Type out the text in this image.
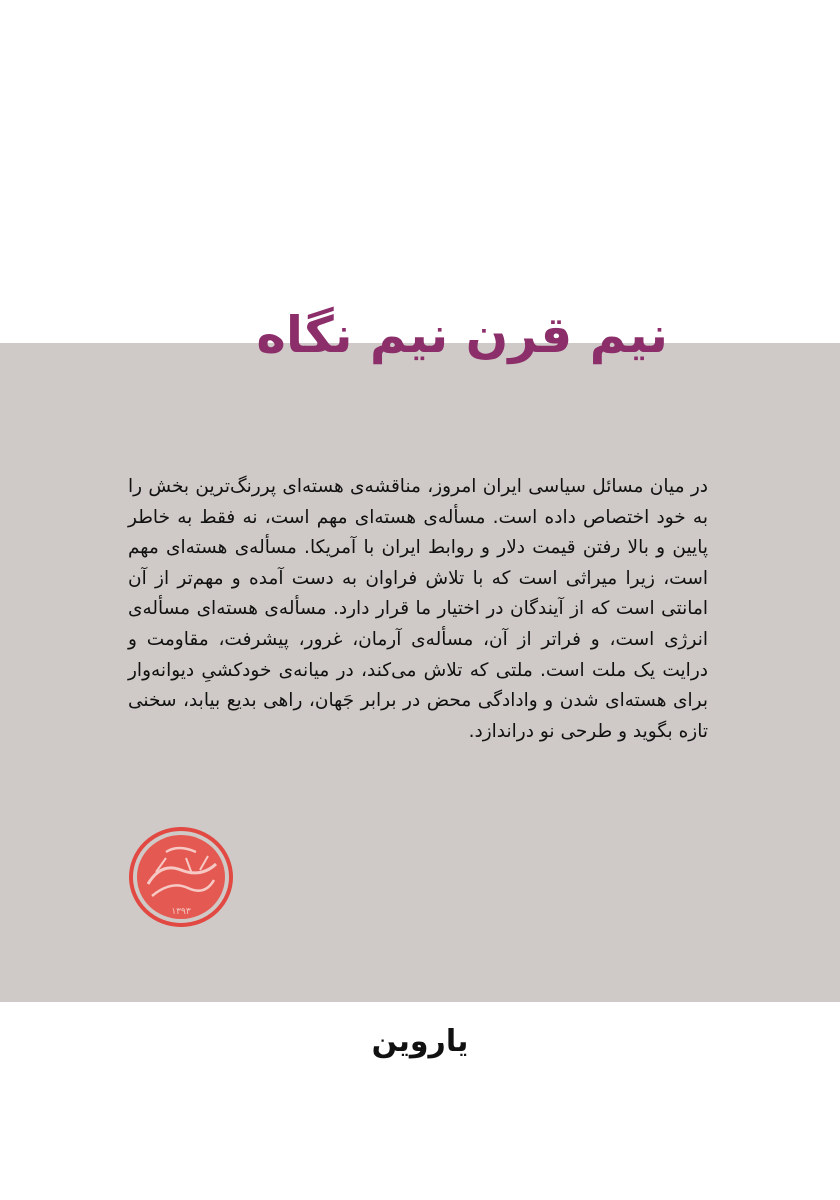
نیم قرن نیم نگاه
در میان مسائل سیاسی ایران امروز، مناقشه‌ی هسته‌ای پررنگ‌ترین بخش را به خود اختصاص داده است. مسأله‌ی هسته‌ای مهم است، نه فقط به خاطر پایین و بالا رفتن قیمت دلار و روابط ایران با آمریکا. مسأله‌ی هسته‌ای مهم است، زیرا میراثی است که با تلاش فراوان به دست آمده و مهم‌تر از آن امانتی است که از آیندگان در اختیار ما قرار دارد. مسأله‌ی هسته‌ای مسأله‌ی انرژی است، و فراتر از آن، مسأله‌ی آرمان، غرور، پیشرفت، مقاومت و درایت یک ملت است. ملتی که تلاش می‌کند، در میانه‌ی خودکشیِ دیوانه‌وار برای هسته‌ای شدن و وادادگی محض در برابر جَهان، راهی بدیع بیابد، سخنی تازه بگوید و طرحی نو دراندازد.
۱۳۹۳
یاروین
